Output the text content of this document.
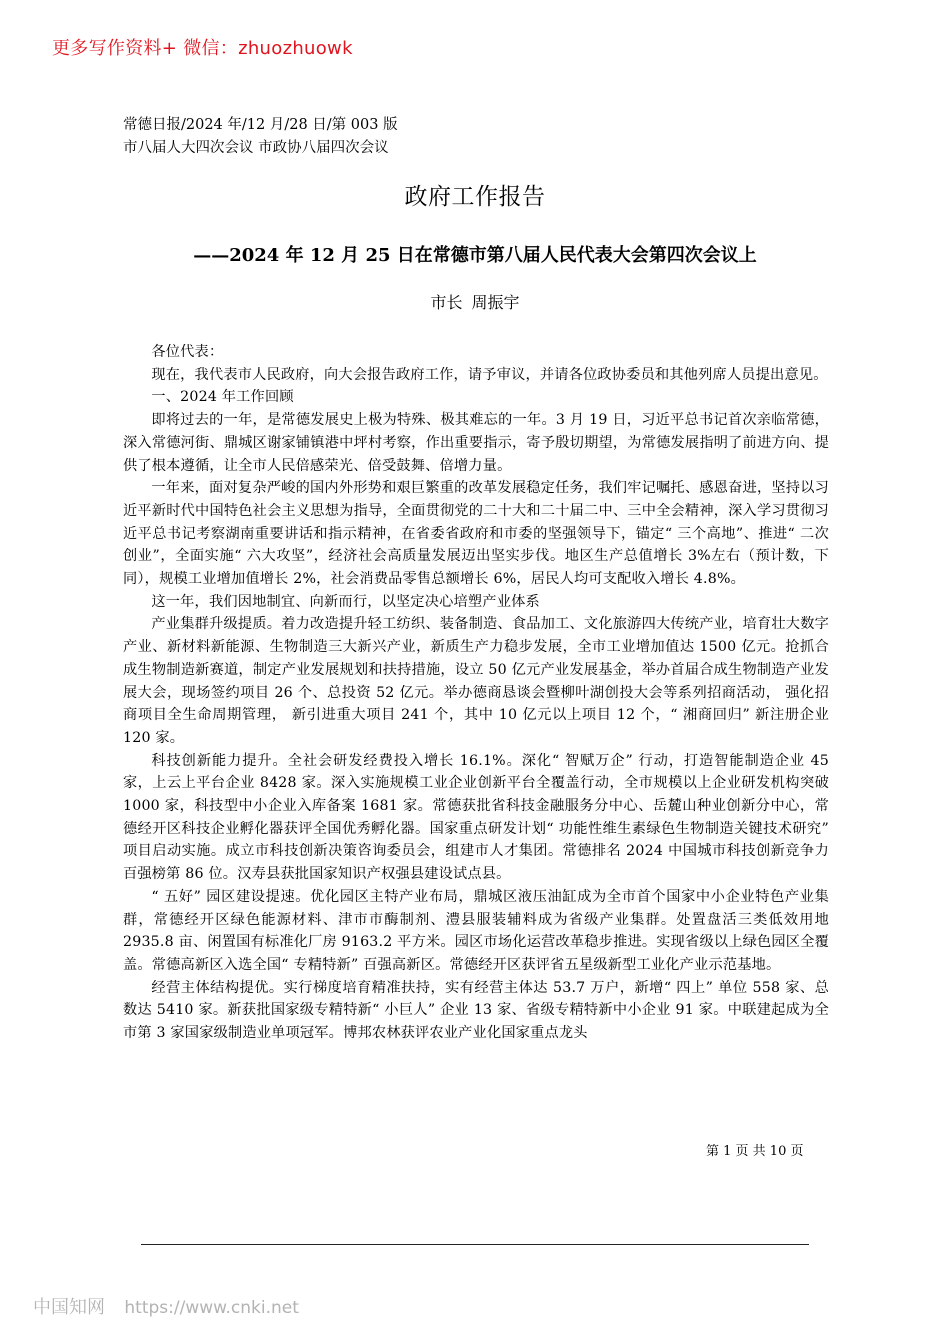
更多写作资料+ 微信：zhuozhuowk
常德日报/2024 年/12 月/28 日/第 003 版
市八届人大四次会议 市政协八届四次会议
政府工作报告
——2024 年 12 月 25 日在常德市第八届人民代表大会第四次会议上
市长 周振宇

各位代表：

现在，我代表市人民政府，向大会报告政府工作，请予审议，并请各位政协委员和其他列席人员提出意见。

一、2024 年工作回顾

即将过去的一年，是常德发展史上极为特殊、极其难忘的一年。3 月 19 日，习近平总书记首次亲临常德，深入常德河街、鼎城区谢家铺镇港中坪村考察，作出重要指示，寄予殷切期望，为常德发展指明了前进方向、提供了根本遵循，让全市人民倍感荣光、倍受鼓舞、倍增力量。

一年来，面对复杂严峻的国内外形势和艰巨繁重的改革发展稳定任务，我们牢记嘱托、感恩奋进，坚持以习近平新时代中国特色社会主义思想为指导，全面贯彻党的二十大和二十届二中、三中全会精神，深入学习贯彻习近平总书记考察湖南重要讲话和指示精神，在省委省政府和市委的坚强领导下，锚定“ 三个高地”、推进“ 二次创业”，全面实施“ 六大攻坚”，经济社会高质量发展迈出坚实步伐。地区生产总值增长 3%左右（预计数，下同），规模工业增加值增长 2%，社会消费品零售总额增长 6%，居民人均可支配收入增长 4.8%。

这一年，我们因地制宜、向新而行，以坚定决心培塑产业体系

产业集群升级提质。着力改造提升轻工纺织、装备制造、食品加工、文化旅游四大传统产业，培育壮大数字产业、新材料新能源、生物制造三大新兴产业，新质生产力稳步发展，全市工业增加值达 1500 亿元。抢抓合成生物制造新赛道，制定产业发展规划和扶持措施，设立 50 亿元产业发展基金，举办首届合成生物制造产业发展大会，现场签约项目 26 个、总投资 52 亿元。举办德商恳谈会暨柳叶湖创投大会等系列招商活动， 强化招商项目全生命周期管理， 新引进重大项目 241 个，其中 10 亿元以上项目 12 个，“ 湘商回归” 新注册企业 120 家。

科技创新能力提升。全社会研发经费投入增长 16.1%。深化“ 智赋万企” 行动，打造智能制造企业 45 家，上云上平台企业 8428 家。深入实施规模工业企业创新平台全覆盖行动，全市规模以上企业研发机构突破 1000 家，科技型中小企业入库备案 1681 家。常德获批省科技金融服务分中心、岳麓山种业创新分中心，常德经开区科技企业孵化器获评全国优秀孵化器。国家重点研发计划“ 功能性维生素绿色生物制造关键技术研究” 项目启动实施。成立市科技创新决策咨询委员会，组建市人才集团。常德排名 2024 中国城市科技创新竞争力百强榜第 86 位。汉寿县获批国家知识产权强县建设试点县。

“ 五好” 园区建设提速。优化园区主特产业布局，鼎城区液压油缸成为全市首个国家中小企业特色产业集群，常德经开区绿色能源材料、津市市酶制剂、澧县服装辅料成为省级产业集群。处置盘活三类低效用地 2935.8 亩、闲置国有标准化厂房 9163.2 平方米。园区市场化运营改革稳步推进。实现省级以上绿色园区全覆盖。常德高新区入选全国“ 专精特新” 百强高新区。常德经开区获评省五星级新型工业化产业示范基地。

经营主体结构提优。实行梯度培育精准扶持，实有经营主体达 53.7 万户，新增“ 四上” 单位 558 家、总数达 5410 家。新获批国家级专精特新“ 小巨人” 企业 13 家、省级专精特新中小企业 91 家。中联建起成为全市第 3 家国家级制造业单项冠军。博邦农林获评农业产业化国家重点龙头

第 1 页 共 10 页
中国知网 https://www.cnki.net
